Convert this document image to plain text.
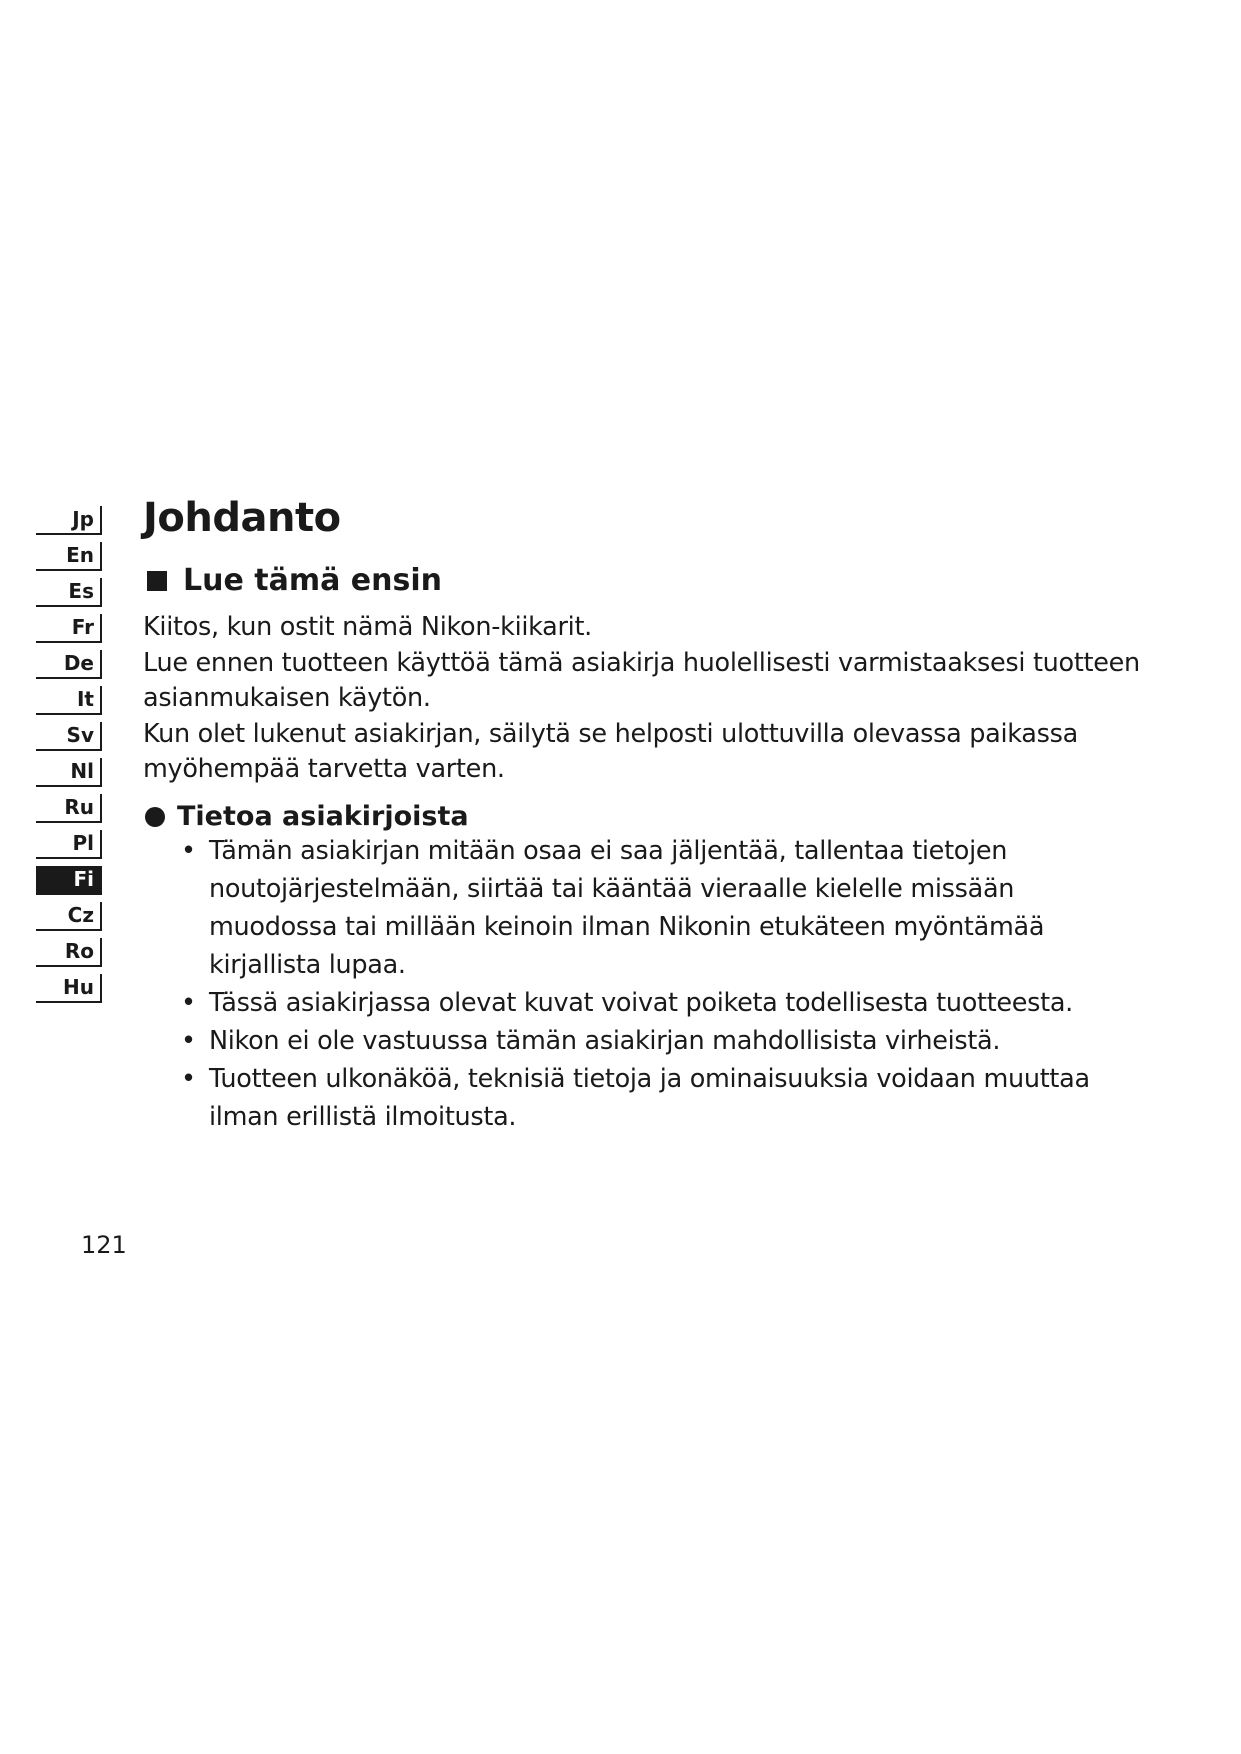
Jp
En
Es
Fr
De
It
Sv
Nl
Ru
Pl
Fi
Cz
Ro
Hu
Johdanto
Lue tämä ensin

Kiitos, kun ostit nämä Nikon-kiikarit.

Lue ennen tuotteen käyttöä tämä asiakirja huolellisesti varmistaaksesi tuotteen asianmukaisen käytön.

Kun olet lukenut asiakirjan, säilytä se helposti ulottuvilla olevassa paikassa myöhempää tarvetta varten.

Tietoa asiakirjoista
• Tämän asiakirjan mitään osaa ei saa jäljentää, tallentaa tietojen noutojärjestelmään, siirtää tai kääntää vieraalle kielelle missään muodossa tai millään keinoin ilman Nikonin etukäteen myöntämää kirjallista lupaa.
• Tässä asiakirjassa olevat kuvat voivat poiketa todellisesta tuotteesta.
• Nikon ei ole vastuussa tämän asiakirjan mahdollisista virheistä.
• Tuotteen ulkonäköä, teknisiä tietoja ja ominaisuuksia voidaan muuttaa ilman erillistä ilmoitusta.
121
